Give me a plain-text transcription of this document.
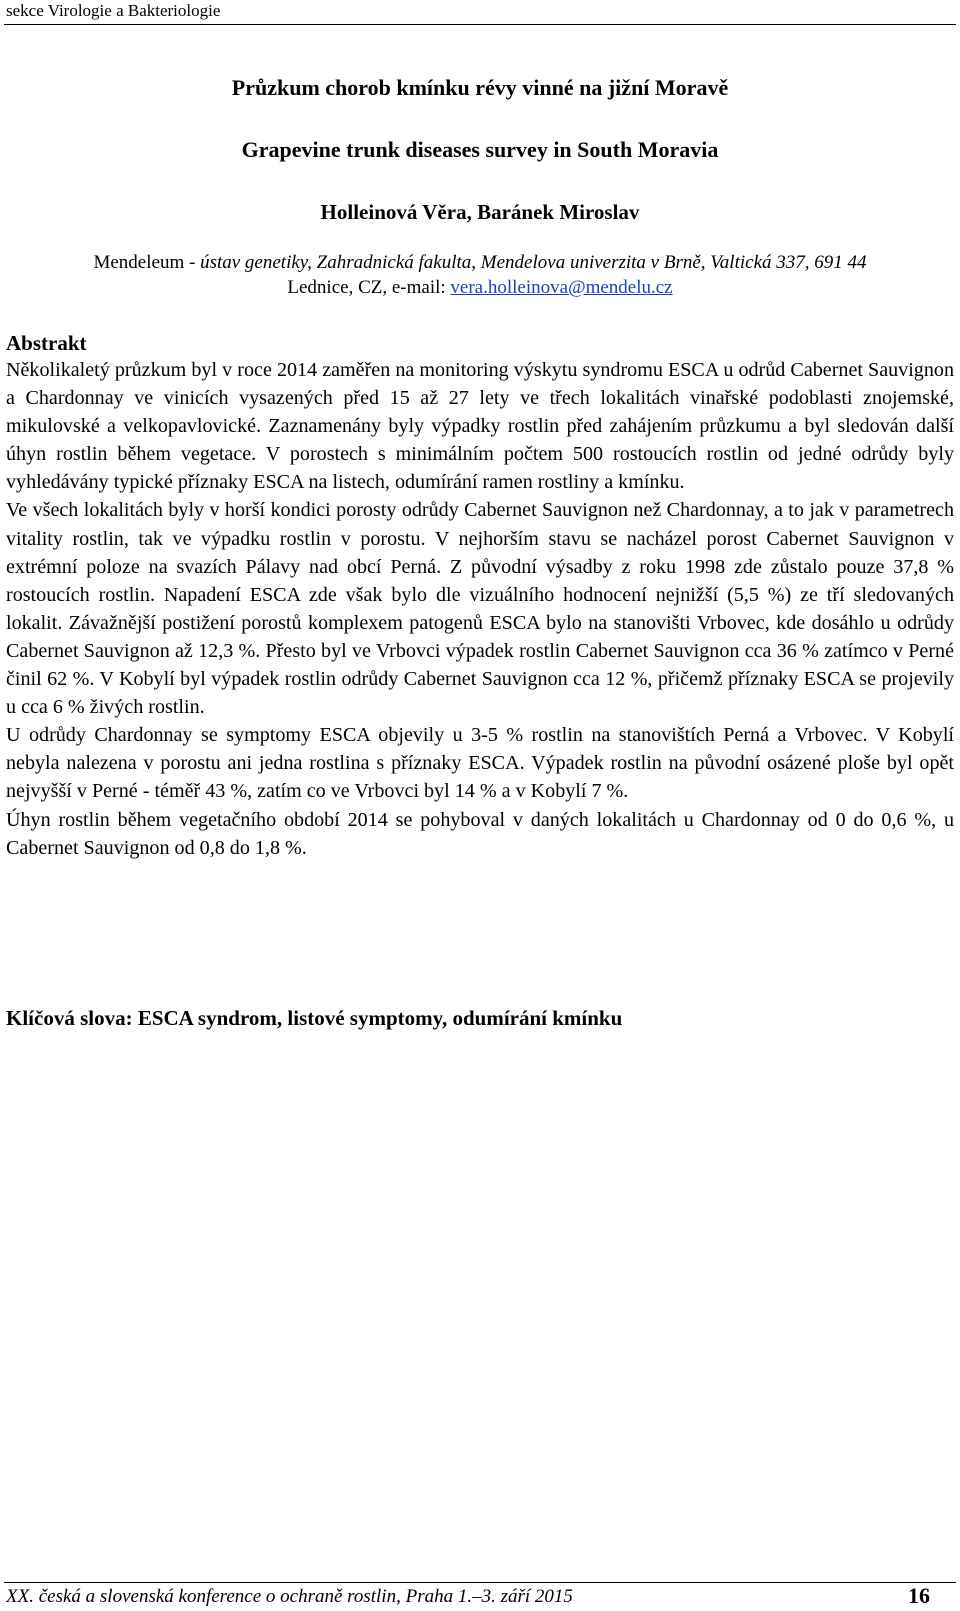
sekce Virologie a Bakteriologie
Průzkum chorob kmínku révy vinné na jižní Moravě
Grapevine trunk diseases survey in South Moravia
Holleinová Věra, Baránek Miroslav
Mendeleum - ústav genetiky, Zahradnická fakulta, Mendelova univerzita v Brně, Valtická 337, 691 44
Lednice, CZ, e-mail: vera.holleinova@mendelu.cz
Abstrakt

Několikaletý průzkum byl v roce 2014 zaměřen na monitoring výskytu syndromu ESCA u odrůd Cabernet Sauvignon a Chardonnay ve vinicích vysazených před 15 až 27 lety ve třech lokalitách vinařské podoblasti znojemské, mikulovské a velkopavlovické. Zaznamenány byly výpadky rostlin před zahájením průzkumu a byl sledován další úhyn rostlin během vegetace. V porostech s minimálním počtem 500 rostoucích rostlin od jedné odrůdy byly vyhledávány typické příznaky ESCA na listech, odumírání ramen rostliny a kmínku.

Ve všech lokalitách byly v horší kondici porosty odrůdy Cabernet Sauvignon než Chardonnay, a to jak v parametrech vitality rostlin, tak ve výpadku rostlin v porostu. V nejhorším stavu se nacházel porost Cabernet Sauvignon v extrémní poloze na svazích Pálavy nad obcí Perná. Z původní výsadby z roku 1998 zde zůstalo pouze 37,8 % rostoucích rostlin. Napadení ESCA zde však bylo dle vizuálního hodnocení nejnižší (5,5 %) ze tří sledovaných lokalit. Závažnější postižení porostů komplexem patogenů ESCA bylo na stanovišti Vrbovec, kde dosáhlo u odrůdy Cabernet Sauvignon až 12,3 %. Přesto byl ve Vrbovci výpadek rostlin Cabernet Sauvignon cca 36 % zatímco v Perné činil 62 %. V Kobylí byl výpadek rostlin odrůdy Cabernet Sauvignon cca 12 %, přičemž příznaky ESCA se projevily u cca 6 % živých rostlin.

U odrůdy Chardonnay se symptomy ESCA objevily u 3-5 % rostlin na stanovištích Perná a Vrbovec. V Kobylí nebyla nalezena v porostu ani jedna rostlina s příznaky ESCA. Výpadek rostlin na původní osázené ploše byl opět nejvyšší v Perné - téměř 43 %, zatím co ve Vrbovci byl 14 % a v Kobylí 7 %.

Úhyn rostlin během vegetačního období 2014 se pohyboval v daných lokalitách u Chardonnay od 0 do 0,6 %, u Cabernet Sauvignon od 0,8 do 1,8 %.

Klíčová slova: ESCA syndrom, listové symptomy, odumírání kmínku
XX. česká a slovenská konference o ochraně rostlin, Praha 1.–3. září 2015	16
